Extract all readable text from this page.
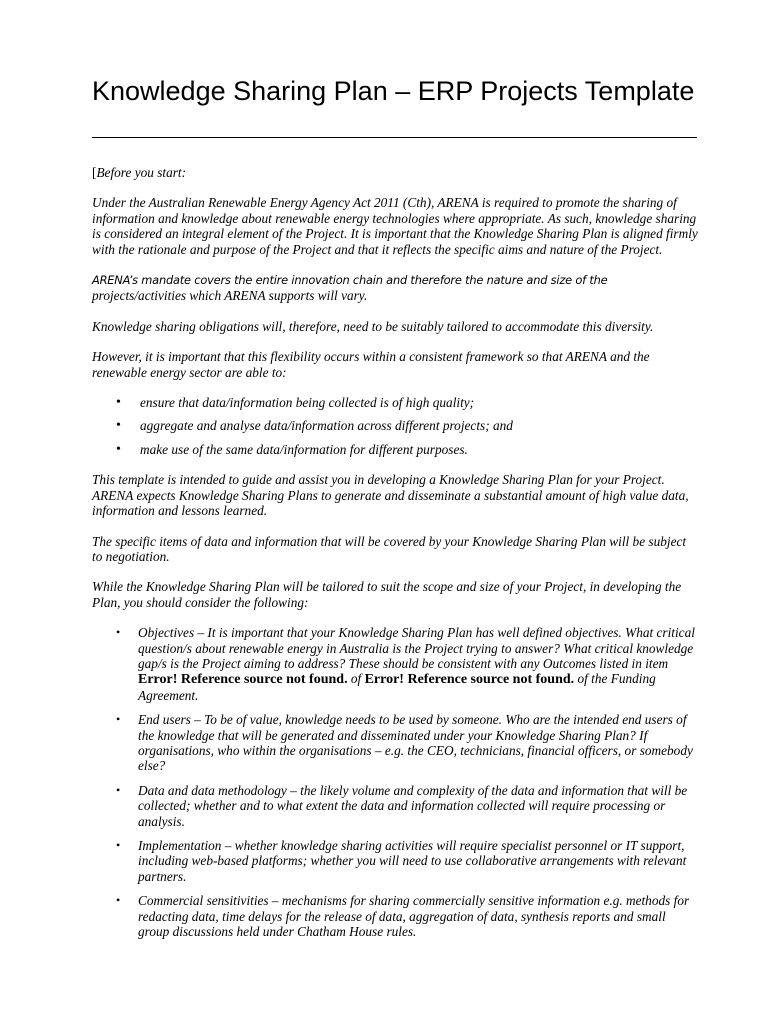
Knowledge Sharing Plan – ERP Projects Template

[Before you start:

Under the Australian Renewable Energy Agency Act 2011 (Cth), ARENA is required to promote the sharing of information and knowledge about renewable energy technologies where appropriate. As such, knowledge sharing is considered an integral element of the Project. It is important that the Knowledge Sharing Plan is aligned firmly with the rationale and purpose of the Project and that it reflects the specific aims and nature of the Project.

ARENA’s mandate covers the entire innovation chain and therefore the nature and size of the
projects/activities which ARENA supports will vary.

Knowledge sharing obligations will, therefore, need to be suitably tailored to accommodate this diversity.

However, it is important that this flexibility occurs within a consistent framework so that ARENA and the renewable energy sector are able to:

• ensure that data/information being collected is of high quality;
• aggregate and analyse data/information across different projects; and
• make use of the same data/information for different purposes.

This template is intended to guide and assist you in developing a Knowledge Sharing Plan for your Project. ARENA expects Knowledge Sharing Plans to generate and disseminate a substantial amount of high value data, information and lessons learned.

The specific items of data and information that will be covered by your Knowledge Sharing Plan will be subject to negotiation.

While the Knowledge Sharing Plan will be tailored to suit the scope and size of your Project, in developing the Plan, you should consider the following:

• Objectives – It is important that your Knowledge Sharing Plan has well defined objectives. What critical question/s about renewable energy in Australia is the Project trying to answer? What critical knowledge gap/s is the Project aiming to address? These should be consistent with any Outcomes listed in item Error! Reference source not found. of Error! Reference source not found. of the Funding Agreement.
• End users – To be of value, knowledge needs to be used by someone. Who are the intended end users of the knowledge that will be generated and disseminated under your Knowledge Sharing Plan? If organisations, who within the organisations – e.g. the CEO, technicians, financial officers, or somebody else?
• Data and data methodology – the likely volume and complexity of the data and information that will be collected; whether and to what extent the data and information collected will require processing or analysis.
• Implementation – whether knowledge sharing activities will require specialist personnel or IT support, including web-based platforms; whether you will need to use collaborative arrangements with relevant partners.
• Commercial sensitivities – mechanisms for sharing commercially sensitive information e.g. methods for redacting data, time delays for the release of data, aggregation of data, synthesis reports and small group discussions held under Chatham House rules.
